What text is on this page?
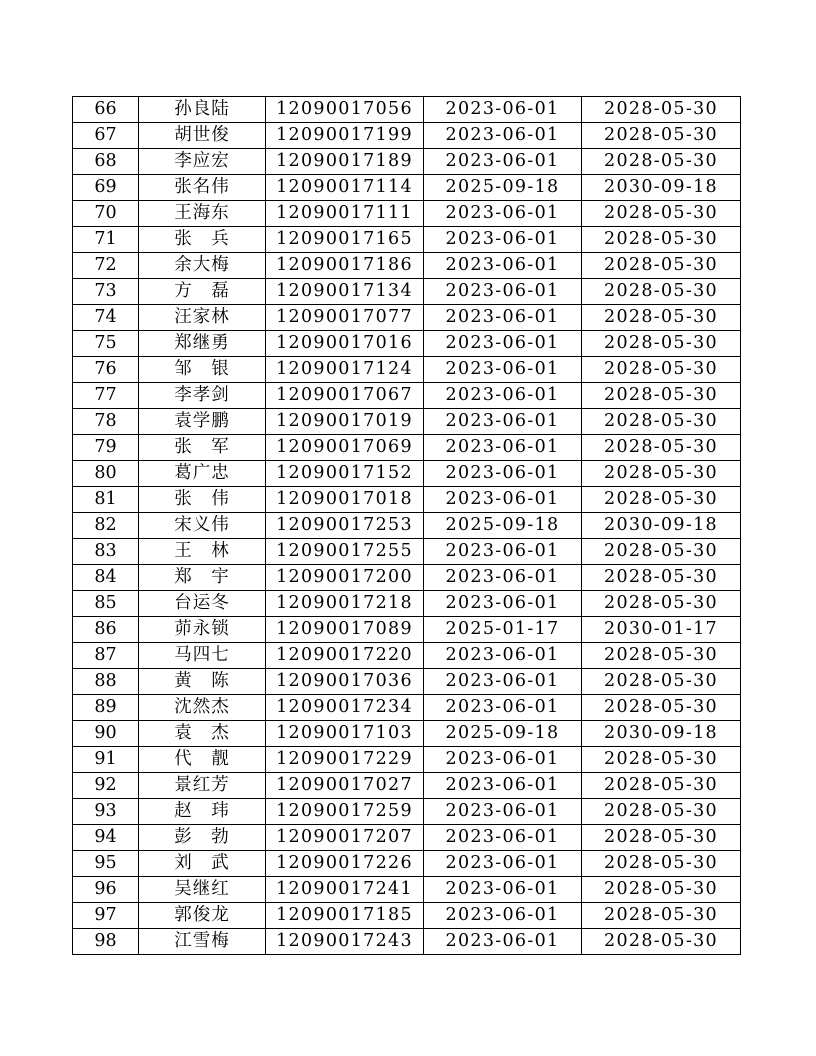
66	孙良陆	12090017056	2023-06-01	2028-05-30
67	胡世俊	12090017199	2023-06-01	2028-05-30
68	李应宏	12090017189	2023-06-01	2028-05-30
69	张名伟	12090017114	2025-09-18	2030-09-18
70	王海东	12090017111	2023-06-01	2028-05-30
71	张　兵	12090017165	2023-06-01	2028-05-30
72	余大梅	12090017186	2023-06-01	2028-05-30
73	方　磊	12090017134	2023-06-01	2028-05-30
74	汪家林	12090017077	2023-06-01	2028-05-30
75	郑继勇	12090017016	2023-06-01	2028-05-30
76	邹　银	12090017124	2023-06-01	2028-05-30
77	李孝剑	12090017067	2023-06-01	2028-05-30
78	袁学鹏	12090017019	2023-06-01	2028-05-30
79	张　军	12090017069	2023-06-01	2028-05-30
80	葛广忠	12090017152	2023-06-01	2028-05-30
81	张　伟	12090017018	2023-06-01	2028-05-30
82	宋义伟	12090017253	2025-09-18	2030-09-18
83	王　林	12090017255	2023-06-01	2028-05-30
84	郑　宇	12090017200	2023-06-01	2028-05-30
85	台运冬	12090017218	2023-06-01	2028-05-30
86	茆永锁	12090017089	2025-01-17	2030-01-17
87	马四七	12090017220	2023-06-01	2028-05-30
88	黄　陈	12090017036	2023-06-01	2028-05-30
89	沈然杰	12090017234	2023-06-01	2028-05-30
90	袁　杰	12090017103	2025-09-18	2030-09-18
91	代　靓	12090017229	2023-06-01	2028-05-30
92	景红芳	12090017027	2023-06-01	2028-05-30
93	赵　玮	12090017259	2023-06-01	2028-05-30
94	彭　勃	12090017207	2023-06-01	2028-05-30
95	刘　武	12090017226	2023-06-01	2028-05-30
96	吴继红	12090017241	2023-06-01	2028-05-30
97	郭俊龙	12090017185	2023-06-01	2028-05-30
98	江雪梅	12090017243	2023-06-01	2028-05-30
